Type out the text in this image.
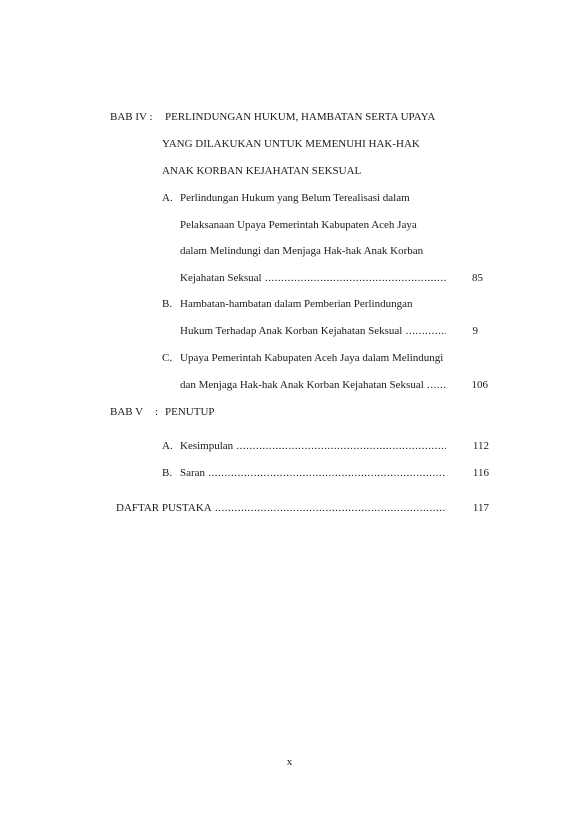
BAB IV : PERLINDUNGAN HUKUM, HAMBATAN SERTA UPAYA
YANG DILAKUKAN UNTUK MEMENUHI HAK-HAK
ANAK KORBAN KEJAHATAN SEKSUAL
A. Perlindungan Hukum yang Belum Terealisasi dalam
Pelaksanaan Upaya Pemerintah Kabupaten Aceh Jaya
dalam Melindungi dan Menjaga Hak-hak Anak Korban
Kejahatan Seksual .....	85
B. Hambatan-hambatan dalam Pemberian Perlindungan
Hukum Terhadap Anak Korban Kejahatan Seksual .....	9
C. Upaya Pemerintah Kabupaten Aceh Jaya dalam Melindungi
dan Menjaga Hak-hak Anak Korban Kejahatan Seksual .....	106
BAB V : PENUTUP
A. Kesimpulan .....	112
B. Saran .....	116
DAFTAR PUSTAKA .....	117
x
